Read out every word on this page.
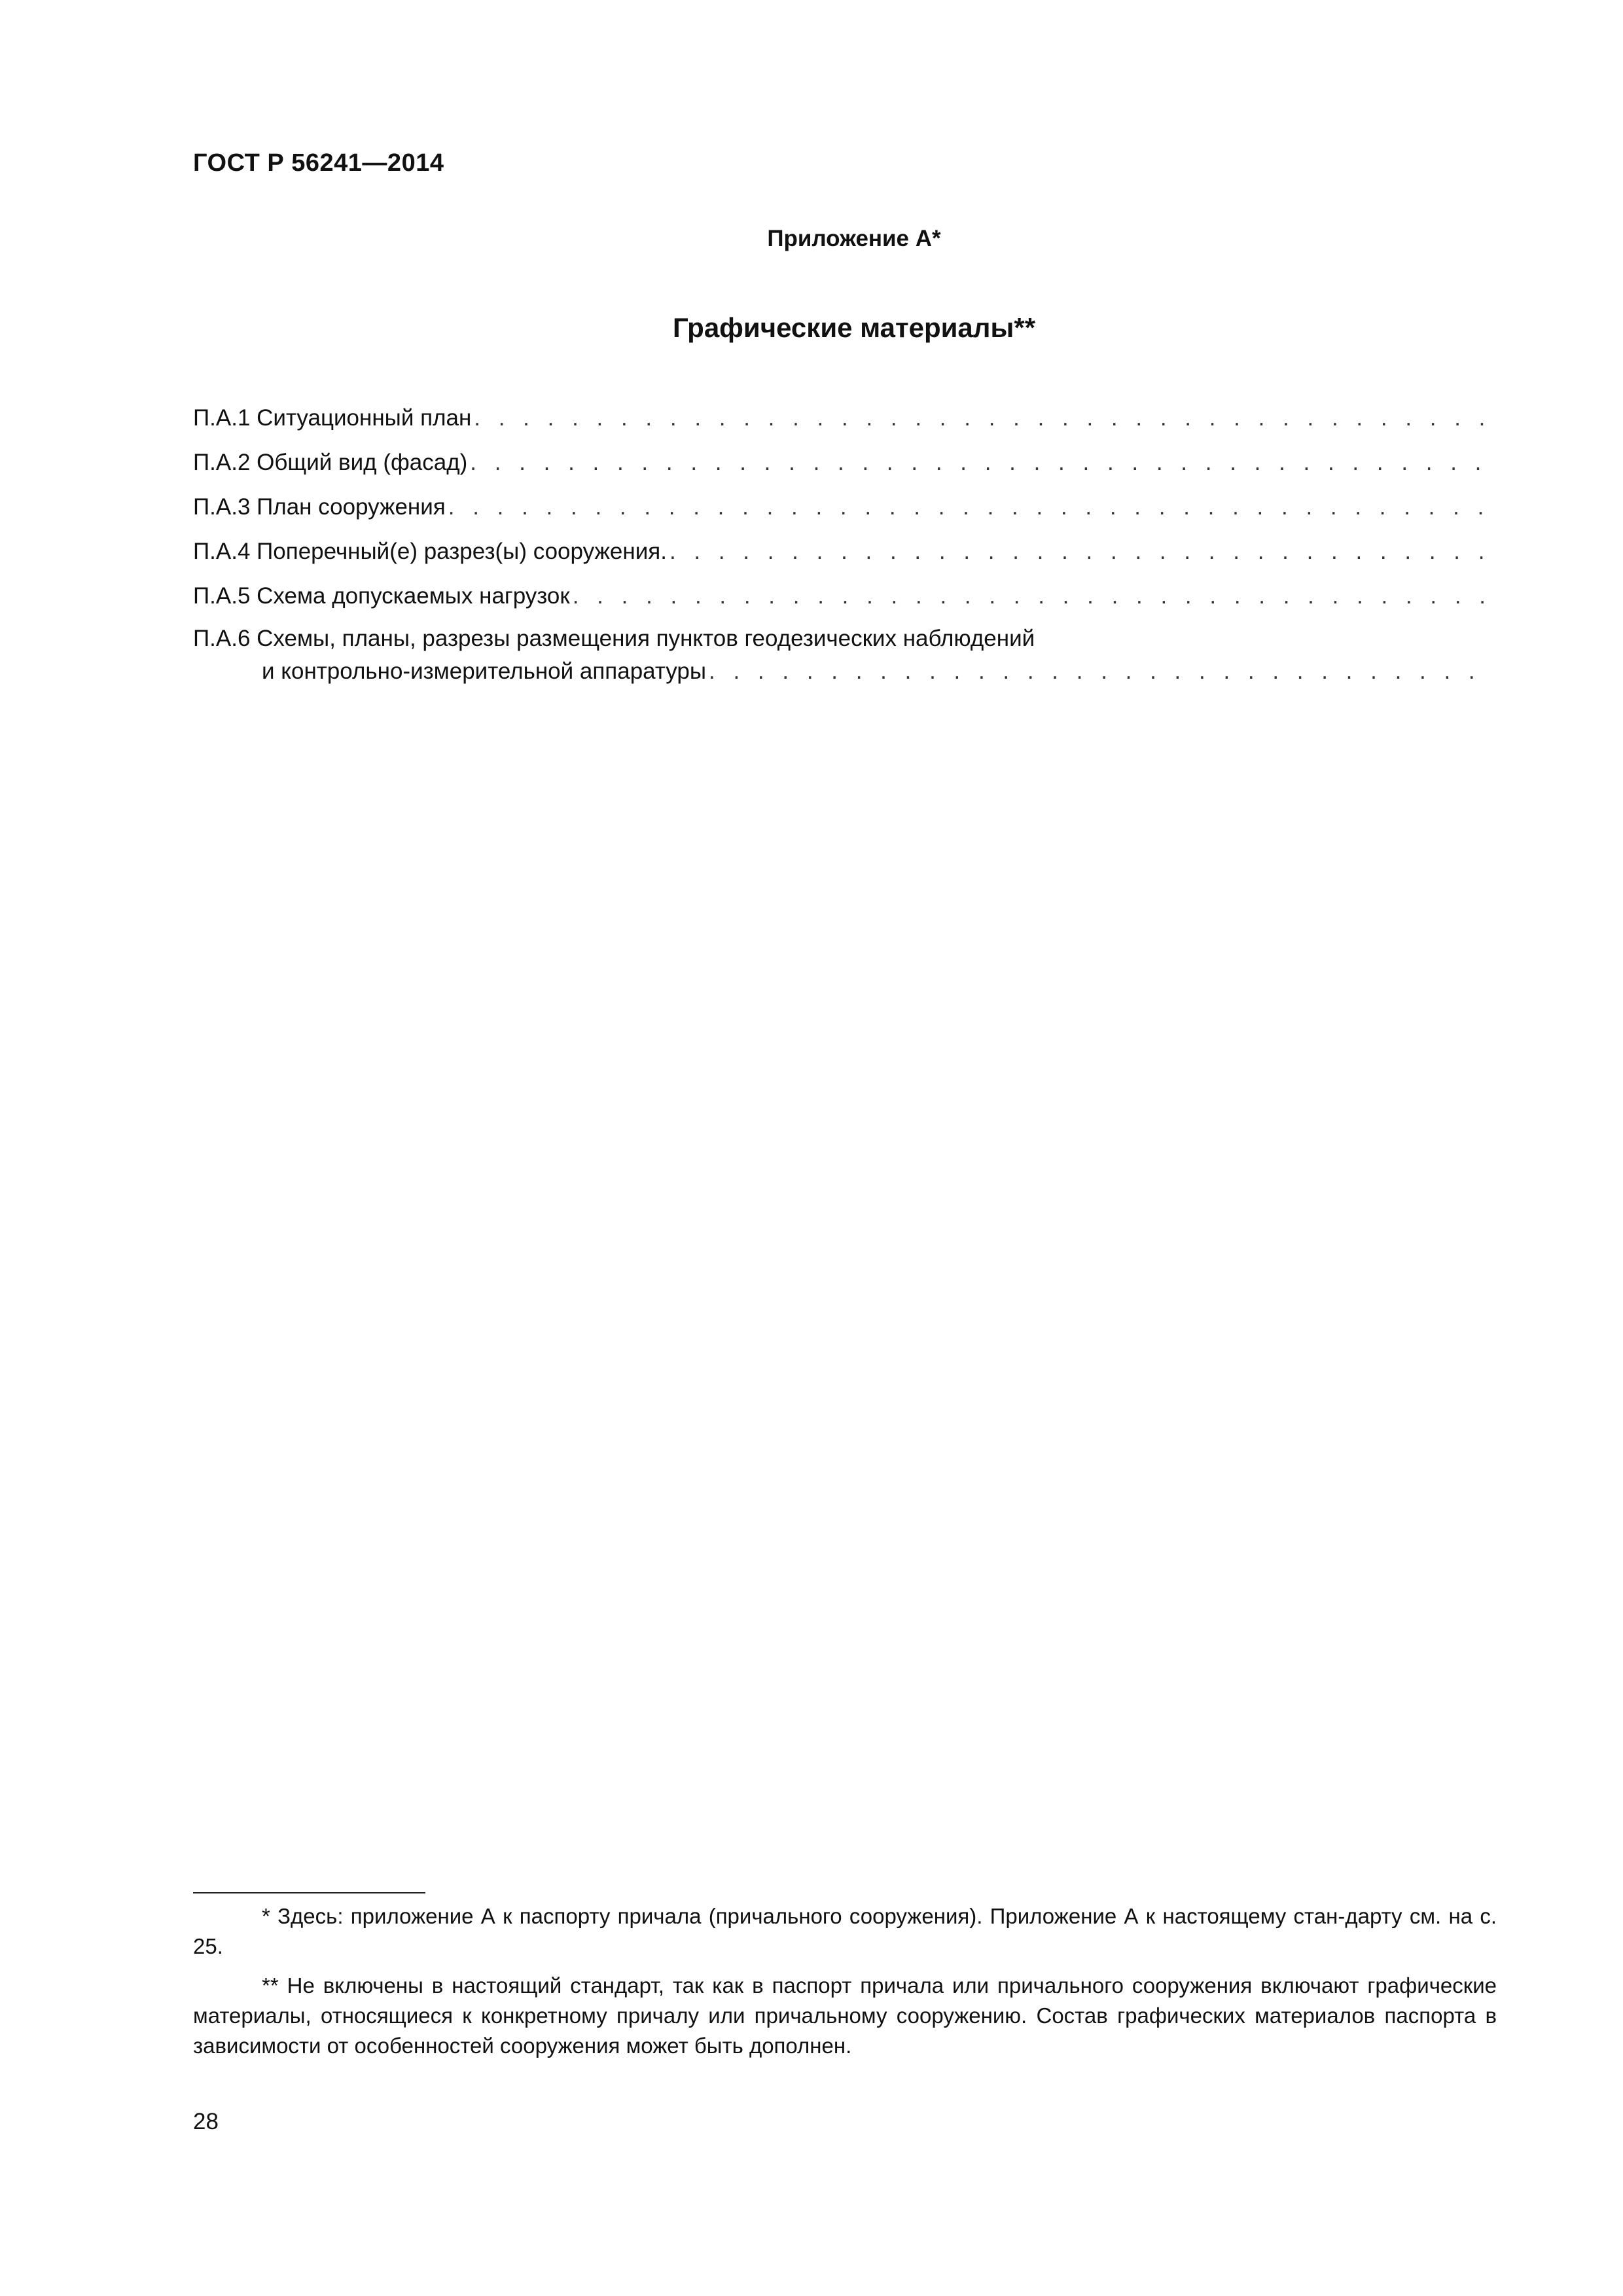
ГОСТ Р 56241—2014
Приложение А*
Графические материалы**
П.А.1 Ситуационный план
. . .
П.А.2 Общий вид (фасад)
. . .
П.А.3 План сооружения
. . .
П.А.4 Поперечный(е) разрез(ы) сооружения.
. . .
П.А.5 Схема допускаемых нагрузок
. . .
П.А.6 Схемы, планы, разрезы размещения пунктов геодезических наблюдений
и контрольно-измерительной аппаратуры
. . .

* Здесь: приложение А к паспорту причала (причального сооружения). Приложение А к настоящему стан-дарту см. на с. 25.

** Не включены в настоящий стандарт, так как в паспорт причала или причального сооружения включают графические материалы, относящиеся к конкретному причалу или причальному сооружению. Состав графических материалов паспорта в зависимости от особенностей сооружения может быть дополнен.

28
